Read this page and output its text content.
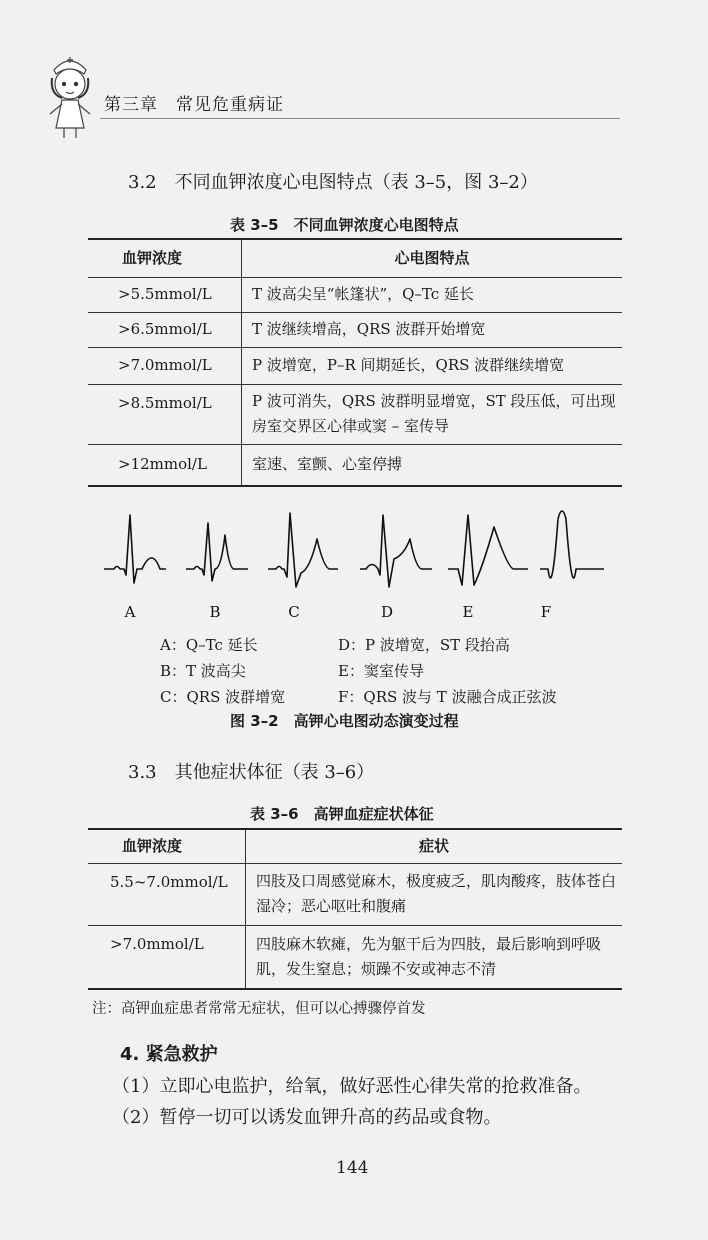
第三章　常见危重病证
3.2　不同血钾浓度心电图特点（表 3–5，图 3–2）
表 3–5　不同血钾浓度心电图特点
血钾浓度	心电图特点
>5.5mmol/L	T 波高尖呈“帐篷状”，Q–Tc 延长
>6.5mmol/L	T 波继续增高，QRS 波群开始增宽
>7.0mmol/L	P 波增宽，P–R 间期延长，QRS 波群继续增宽
>8.5mmol/L	P 波可消失，QRS 波群明显增宽，ST 段压低，可出现房室交界区心律或窦 – 室传导
>12mmol/L	室速、室颤、心室停搏
A	B	C	D	E	F
A：Q–Tc 延长	D：P 波增宽，ST 段抬高
B：T 波高尖	E：窦室传导
C：QRS 波群增宽	F：QRS 波与 T 波融合成正弦波
图 3–2　高钾心电图动态演变过程
3.3　其他症状体征（表 3–6）
表 3–6　高钾血症症状体征
血钾浓度	症状
5.5~7.0mmol/L	四肢及口周感觉麻木，极度疲乏，肌肉酸疼，肢体苍白湿冷；恶心呕吐和腹痛
>7.0mmol/L	四肢麻木软瘫，先为躯干后为四肢，最后影响到呼吸肌，发生窒息；烦躁不安或神志不清
注：高钾血症患者常常无症状，但可以心搏骤停首发
4. 紧急救护
（1）立即心电监护，给氧，做好恶性心律失常的抢救准备。
（2）暂停一切可以诱发血钾升高的药品或食物。
144
